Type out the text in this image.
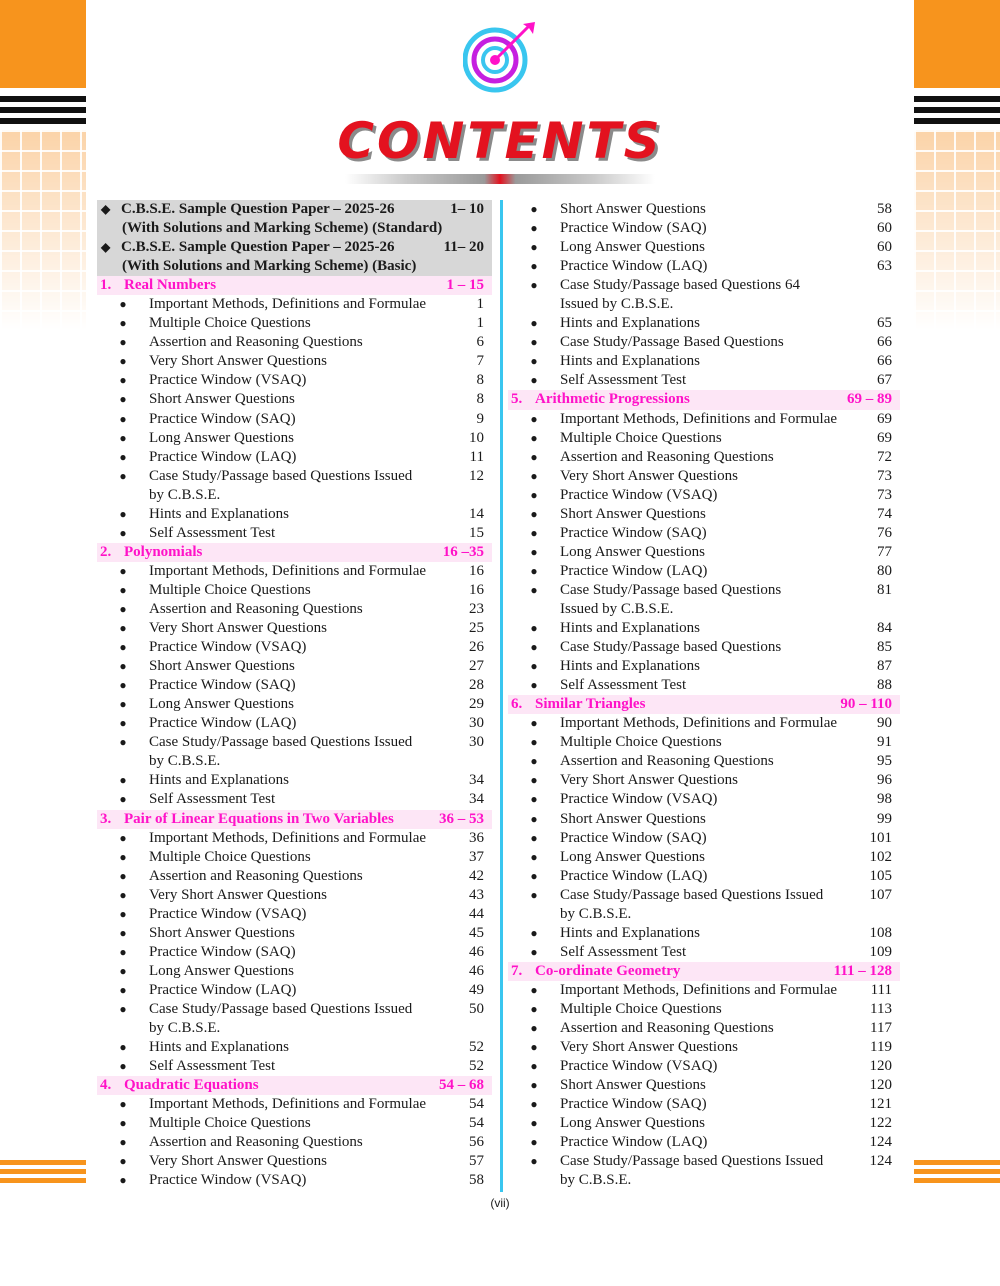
CONTENTS
◆ C.B.S.E. Sample Question Paper – 2025-26	1– 10
(With Solutions and Marking Scheme) (Standard)
◆ C.B.S.E. Sample Question Paper – 2025-26	11– 20
(With Solutions and Marking Scheme) (Basic)
1. Real Numbers	1 – 15
●	Important Methods, Definitions and Formulae	1
●	Multiple Choice Questions	1
●	Assertion and Reasoning Questions	6
●	Very Short Answer Questions	7
●	Practice Window (VSAQ)	8
●	Short Answer Questions	8
●	Practice Window (SAQ)	9
●	Long Answer Questions	10
●	Practice Window (LAQ)	11
●	Case Study/Passage based Questions Issued	12
by C.B.S.E.
●	Hints and Explanations	14
●	Self Assessment Test	15
2. Polynomials	16 –35
●	Important Methods, Definitions and Formulae	16
●	Multiple Choice Questions	16
●	Assertion and Reasoning Questions	23
●	Very Short Answer Questions	25
●	Practice Window (VSAQ)	26
●	Short Answer Questions	27
●	Practice Window (SAQ)	28
●	Long Answer Questions	29
●	Practice Window (LAQ)	30
●	Case Study/Passage based Questions Issued	30
by C.B.S.E.
●	Hints and Explanations	34
●	Self Assessment Test	34
3. Pair of Linear Equations in Two Variables	36 – 53
●	Important Methods, Definitions and Formulae	36
●	Multiple Choice Questions	37
●	Assertion and Reasoning Questions	42
●	Very Short Answer Questions	43
●	Practice Window (VSAQ)	44
●	Short Answer Questions	45
●	Practice Window (SAQ)	46
●	Long Answer Questions	46
●	Practice Window (LAQ)	49
●	Case Study/Passage based Questions Issued	50
by C.B.S.E.
●	Hints and Explanations	52
●	Self Assessment Test	52
4. Quadratic Equations	54 – 68
●	Important Methods, Definitions and Formulae	54
●	Multiple Choice Questions	54
●	Assertion and Reasoning Questions	56
●	Very Short Answer Questions	57
●	Practice Window (VSAQ)	58
●	Short Answer Questions	58
●	Practice Window (SAQ)	60
●	Long Answer Questions	60
●	Practice Window (LAQ)	63
●	Case Study/Passage based Questions 64
Issued by C.B.S.E.
●	Hints and Explanations	65
●	Case Study/Passage Based Questions	66
●	Hints and Explanations	66
●	Self Assessment Test	67
5. Arithmetic Progressions	69 – 89
●	Important Methods, Definitions and Formulae	69
●	Multiple Choice Questions	69
●	Assertion and Reasoning Questions	72
●	Very Short Answer Questions	73
●	Practice Window (VSAQ)	73
●	Short Answer Questions	74
●	Practice Window (SAQ)	76
●	Long Answer Questions	77
●	Practice Window (LAQ)	80
●	Case Study/Passage based Questions	81
Issued by C.B.S.E.
●	Hints and Explanations	84
●	Case Study/Passage based Questions	85
●	Hints and Explanations	87
●	Self Assessment Test	88
6. Similar Triangles	90 – 110
●	Important Methods, Definitions and Formulae	90
●	Multiple Choice Questions	91
●	Assertion and Reasoning Questions	95
●	Very Short Answer Questions	96
●	Practice Window (VSAQ)	98
●	Short Answer Questions	99
●	Practice Window (SAQ)	101
●	Long Answer Questions	102
●	Practice Window (LAQ)	105
●	Case Study/Passage based Questions Issued	107
by C.B.S.E.
●	Hints and Explanations	108
●	Self Assessment Test	109
7. Co-ordinate Geometry	111 – 128
●	Important Methods, Definitions and Formulae	111
●	Multiple Choice Questions	113
●	Assertion and Reasoning Questions	117
●	Very Short Answer Questions	119
●	Practice Window (VSAQ)	120
●	Short Answer Questions	120
●	Practice Window (SAQ)	121
●	Long Answer Questions	122
●	Practice Window (LAQ)	124
●	Case Study/Passage based Questions Issued	124
by C.B.S.E.
(vii)
